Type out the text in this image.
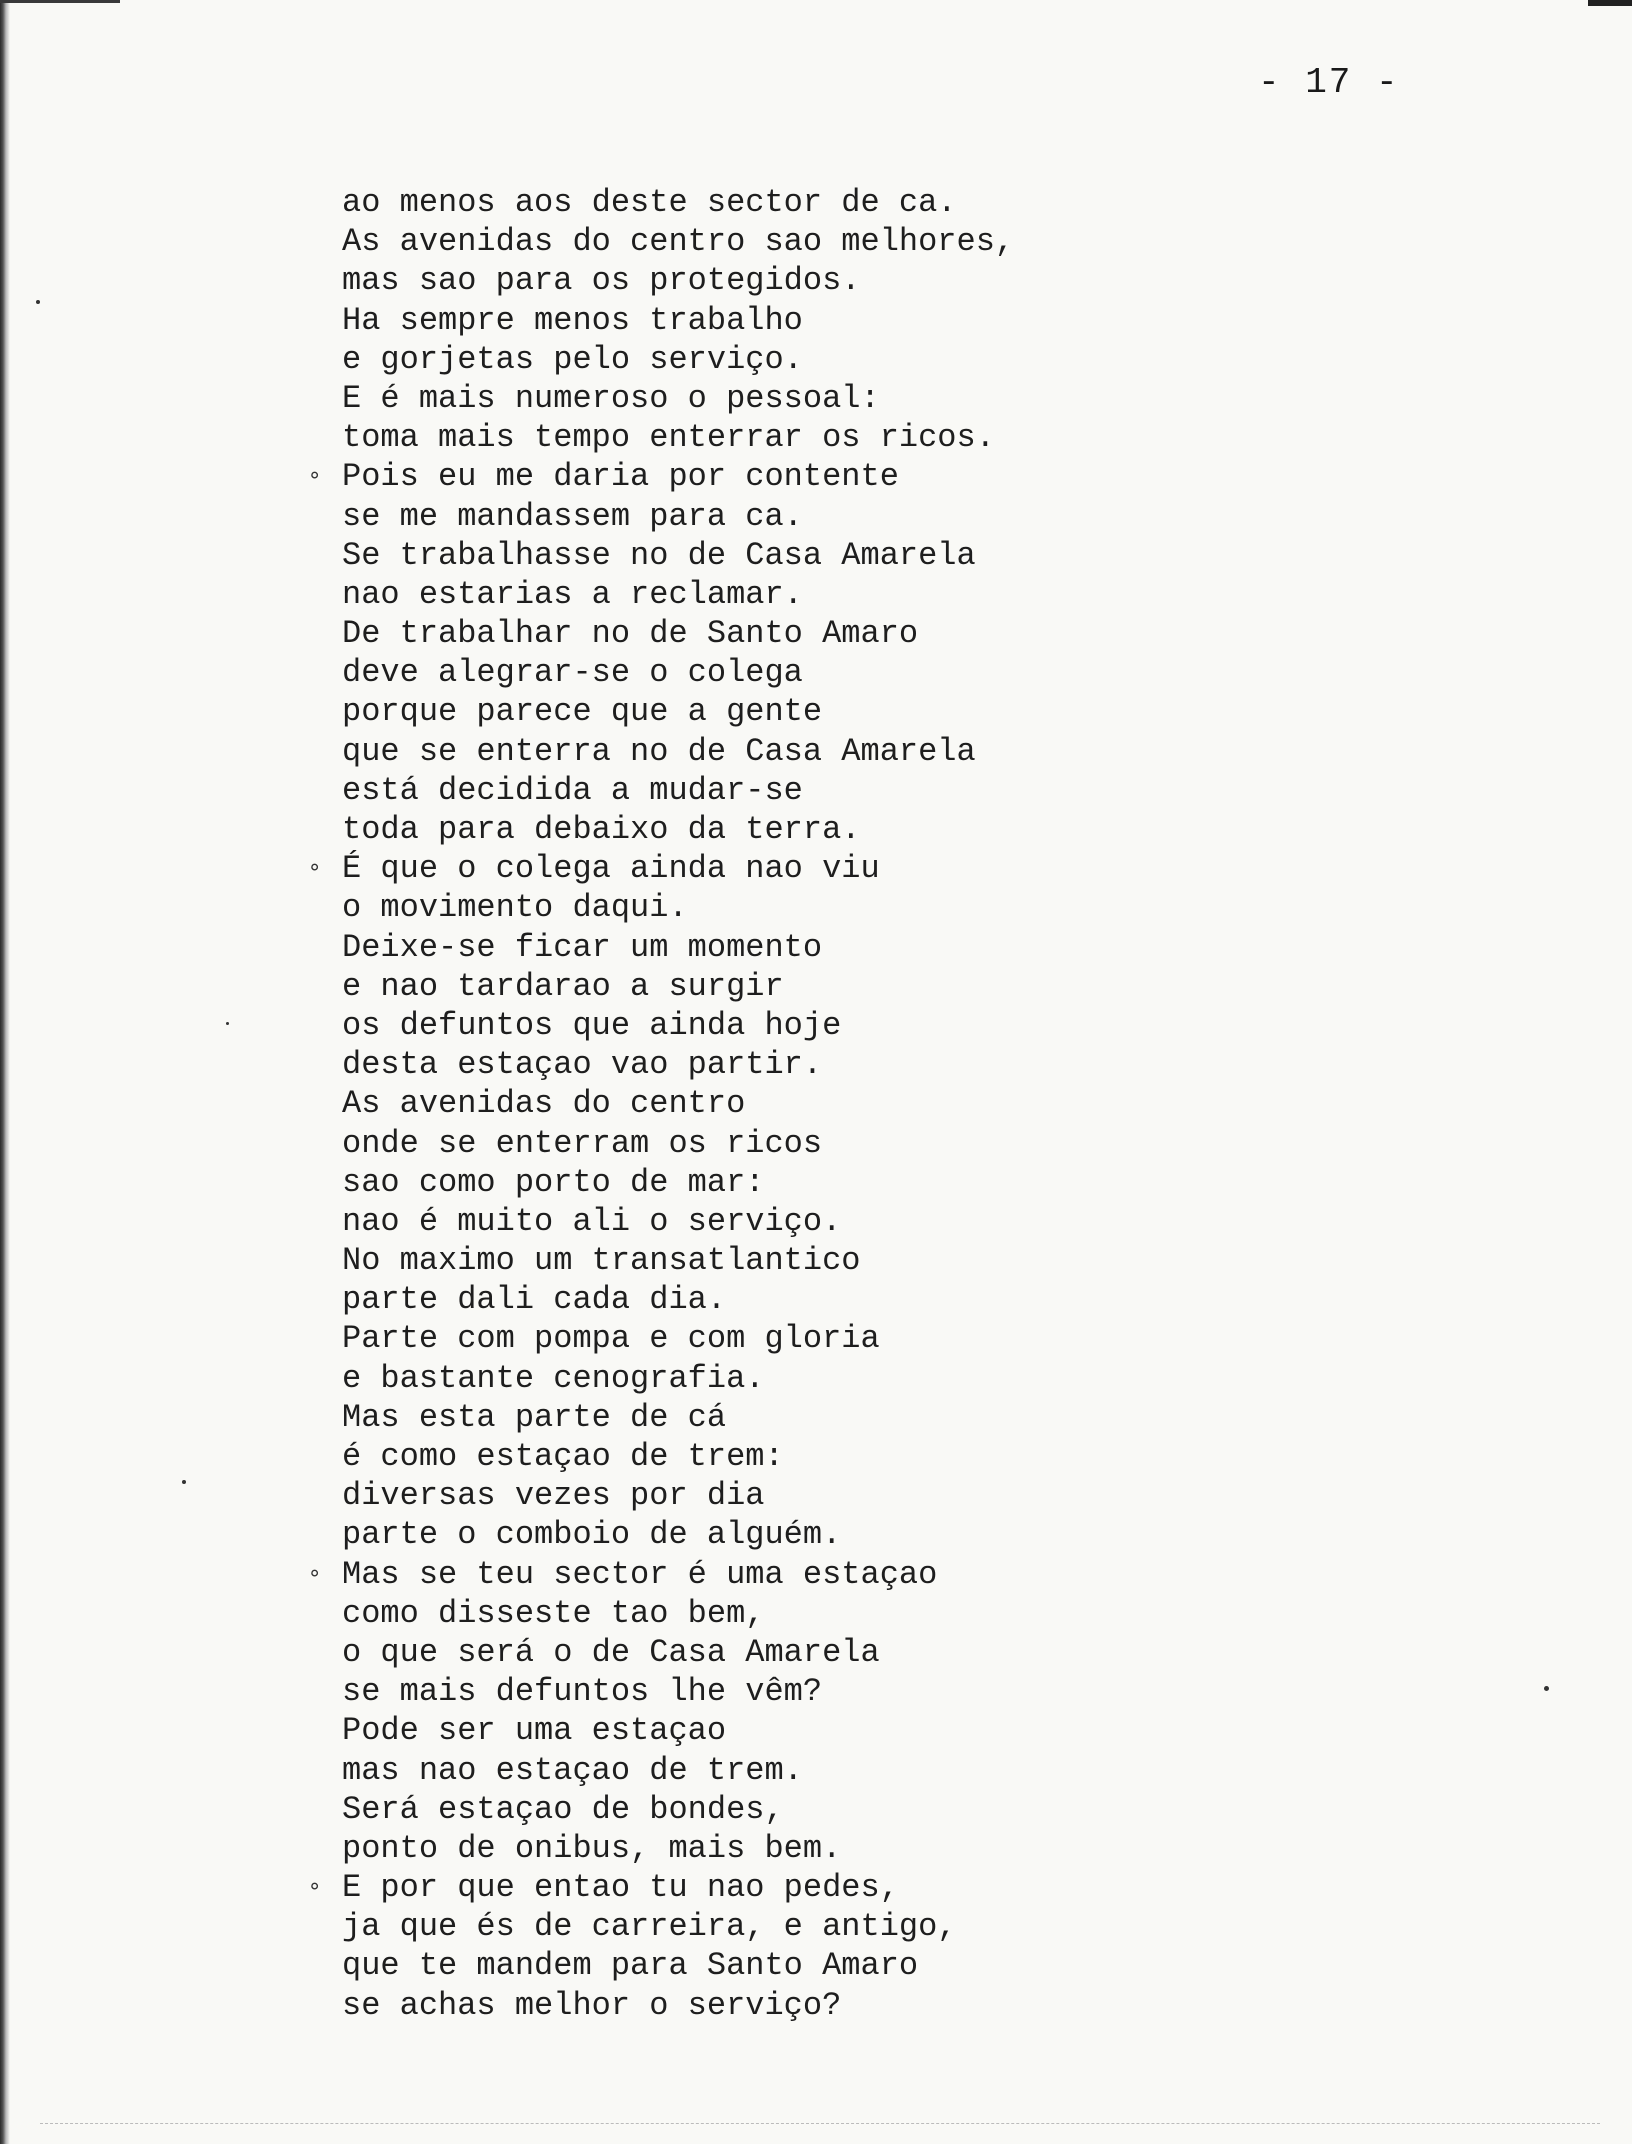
- 17 -
ao menos aos deste sector de ca.
As avenidas do centro sao melhores,
mas sao para os protegidos.
Ha sempre menos trabalho
e gorjetas pelo serviço.
E é mais numeroso o pessoal:
toma mais tempo enterrar os ricos.
∘ Pois eu me daria por contente
se me mandassem para ca.
Se trabalhasse no de Casa Amarela
nao estarias a reclamar.
De trabalhar no de Santo Amaro
deve alegrar-se o colega
porque parece que a gente
que se enterra no de Casa Amarela
está decidida a mudar-se
toda para debaixo da terra.
∘ É que o colega ainda nao viu
o movimento daqui.
Deixe-se ficar um momento
e nao tardarao a surgir
os defuntos que ainda hoje
desta estaçao vao partir.
As avenidas do centro
onde se enterram os ricos
sao como porto de mar:
nao é muito ali o serviço.
No maximo um transatlantico
parte dali cada dia.
Parte com pompa e com gloria
e bastante cenografia.
Mas esta parte de cá
é como estaçao de trem:
diversas vezes por dia
parte o comboio de alguém.
∘ Mas se teu sector é uma estaçao
como disseste tao bem,
o que será o de Casa Amarela
se mais defuntos lhe vêm?
Pode ser uma estaçao
mas nao estaçao de trem.
Será estaçao de bondes,
ponto de onibus, mais bem.
∘ E por que entao tu nao pedes,
ja que és de carreira, e antigo,
que te mandem para Santo Amaro
se achas melhor o serviço?
